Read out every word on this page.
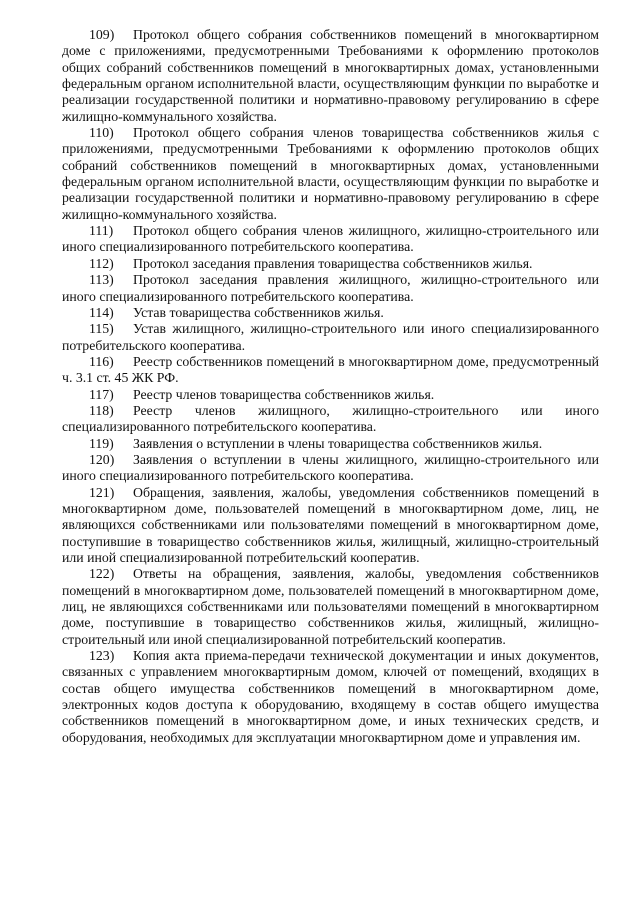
109) Протокол общего собрания собственников помещений в многоквартирном доме с приложениями, предусмотренными Требованиями к оформлению протоколов общих собраний собственников помещений в многоквартирных домах, установленными федеральным органом исполнительной власти, осуществляющим функции по выработке и реализации государственной политики и нормативно-правовому регулированию в сфере жилищно-коммунального хозяйства.

110) Протокол общего собрания членов товарищества собственников жилья с приложениями, предусмотренными Требованиями к оформлению протоколов общих собраний собственников помещений в многоквартирных домах, установленными федеральным органом исполнительной власти, осуществляющим функции по выработке и реализации государственной политики и нормативно-правовому регулированию в сфере жилищно-коммунального хозяйства.

111) Протокол общего собрания членов жилищного, жилищно-строительного или иного специализированного потребительского кооператива.

112) Протокол заседания правления товарищества собственников жилья.

113) Протокол заседания правления жилищного, жилищно-строительного или иного специализированного потребительского кооператива.

114) Устав товарищества собственников жилья.

115) Устав жилищного, жилищно-строительного или иного специализированного потребительского кооператива.

116) Реестр собственников помещений в многоквартирном доме, предусмотренный ч. 3.1 ст. 45 ЖК РФ.

117) Реестр членов товарищества собственников жилья.

118) Реестр членов жилищного, жилищно-строительного или иного специализированного потребительского кооператива.

119) Заявления о вступлении в члены товарищества собственников жилья.

120) Заявления о вступлении в члены жилищного, жилищно-строительного или иного специализированного потребительского кооператива.

121) Обращения, заявления, жалобы, уведомления собственников помещений в многоквартирном доме, пользователей помещений в многоквартирном доме, лиц, не являющихся собственниками или пользователями помещений в многоквартирном доме, поступившие в товарищество собственников жилья, жилищный, жилищно-строительный или иной специализированной потребительский кооператив.

122) Ответы на обращения, заявления, жалобы, уведомления собственников помещений в многоквартирном доме, пользователей помещений в многоквартирном доме, лиц, не являющихся собственниками или пользователями помещений в многоквартирном доме, поступившие в товарищество собственников жилья, жилищный, жилищно-строительный или иной специализированной потребительский кооператив.

123) Копия акта приема-передачи технической документации и иных документов, связанных с управлением многоквартирным домом, ключей от помещений, входящих в состав общего имущества собственников помещений в многоквартирном доме, электронных кодов доступа к оборудованию, входящему в состав общего имущества собственников помещений в многоквартирном доме, и иных технических средств, и оборудования, необходимых для эксплуатации многоквартирном доме и управления им.
